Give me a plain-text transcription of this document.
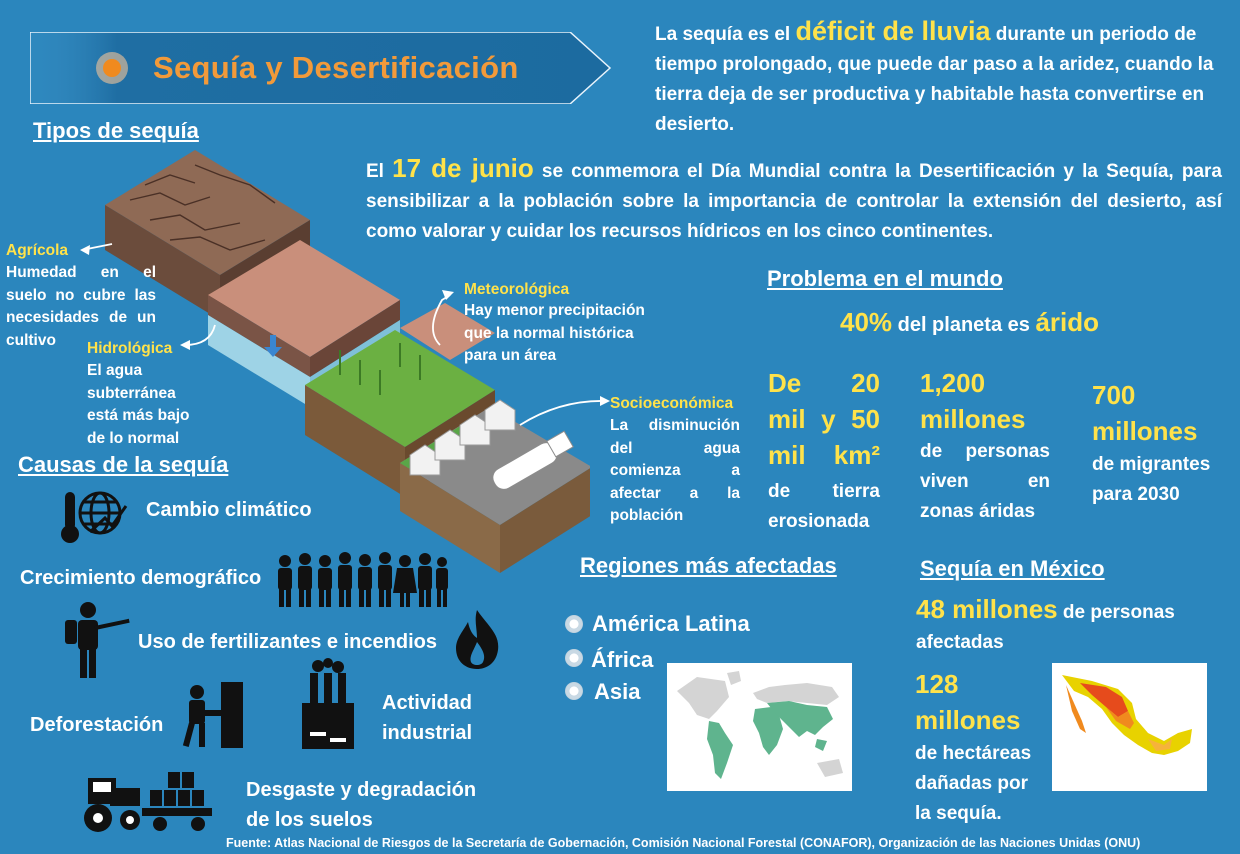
Sequía y Desertificación
La sequía es el déficit de lluvia durante un periodo de tiempo prolongado, que puede dar paso a la aridez, cuando la tierra deja de ser productiva y habitable hasta convertirse en desierto.
El 17 de junio se conmemora el Día Mundial contra la Desertificación y la Sequía, para sensibilizar a la población sobre la importancia de controlar la extensión del desierto, así como valorar y cuidar los recursos hídricos en los cinco continentes.
Tipos de sequía
Agrícola
Humedad en el suelo no cubre las necesidades de un cultivo	Hidrológica
El agua subterránea está más bajo de lo normal
Meteorológica
Hay menor precipitación que la normal histórica para un área
Socioeconómica
La disminución del agua comienza a afectar a la población
Causas de la sequía
Cambio climático
Crecimiento demográfico
Uso de fertilizantes e incendios
Deforestación
Actividad industrial
Desgaste y degradación de los suelos
Problema en el mundo
40% del planeta es árido
De 20 mil y 50 mil km²
de tierra erosionada
1,200 millones
de personas viven en zonas áridas
700 millones
de migrantes para 2030
Regiones más afectadas
América Latina
África
Asia
Sequía en México
48 millones de personas afectadas
128 millones
de hectáreas dañadas por la sequía.
Fuente: Atlas Nacional de Riesgos de la Secretaría de Gobernación, Comisión Nacional Forestal (CONAFOR), Organización de las Naciones Unidas (ONU)
